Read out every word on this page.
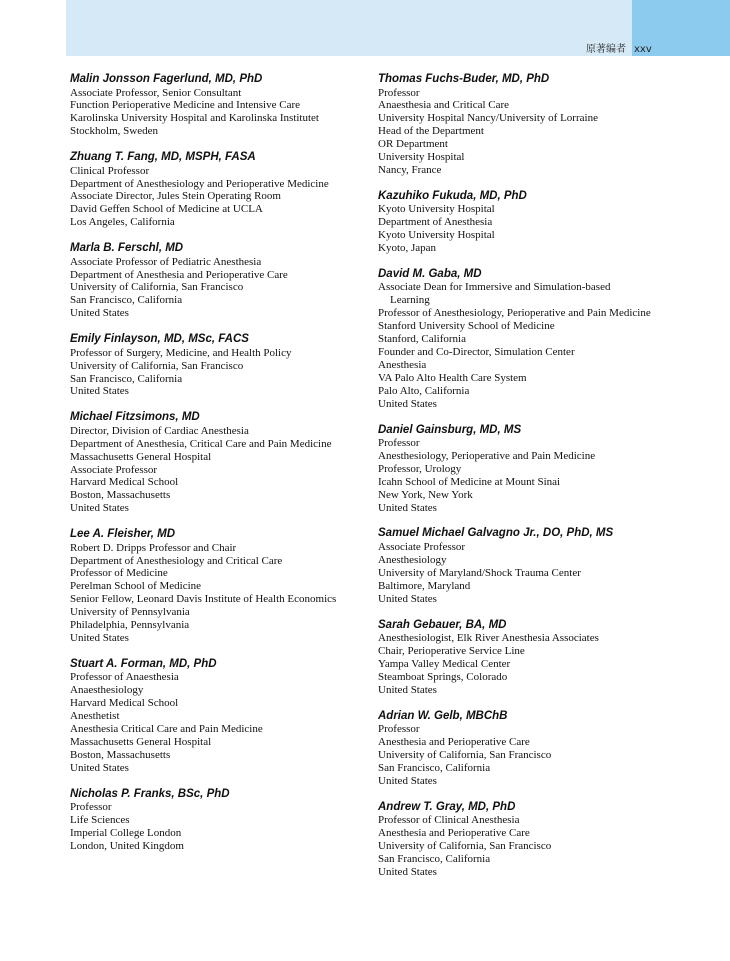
原著编者 xxv
Malin Jonsson Fagerlund, MD, PhD
Associate Professor, Senior Consultant
Function Perioperative Medicine and Intensive Care
Karolinska University Hospital and Karolinska Institutet
Stockholm, Sweden
Zhuang T. Fang, MD, MSPH, FASA
Clinical Professor
Department of Anesthesiology and Perioperative Medicine
Associate Director, Jules Stein Operating Room
David Geffen School of Medicine at UCLA
Los Angeles, California
Marla B. Ferschl, MD
Associate Professor of Pediatric Anesthesia
Department of Anesthesia and Perioperative Care
University of California, San Francisco
San Francisco, California
United States
Emily Finlayson, MD, MSc, FACS
Professor of Surgery, Medicine, and Health Policy
University of California, San Francisco
San Francisco, California
United States
Michael Fitzsimons, MD
Director, Division of Cardiac Anesthesia
Department of Anesthesia, Critical Care and Pain Medicine
Massachusetts General Hospital
Associate Professor
Harvard Medical School
Boston, Massachusetts
United States
Lee A. Fleisher, MD
Robert D. Dripps Professor and Chair
Department of Anesthesiology and Critical Care
Professor of Medicine
Perelman School of Medicine
Senior Fellow, Leonard Davis Institute of Health Economics
University of Pennsylvania
Philadelphia, Pennsylvania
United States
Stuart A. Forman, MD, PhD
Professor of Anaesthesia
Anaesthesiology
Harvard Medical School
Anesthetist
Anesthesia Critical Care and Pain Medicine
Massachusetts General Hospital
Boston, Massachusetts
United States
Nicholas P. Franks, BSc, PhD
Professor
Life Sciences
Imperial College London
London, United Kingdom
Thomas Fuchs-Buder, MD, PhD
Professor
Anaesthesia and Critical Care
University Hospital Nancy/University of Lorraine
Head of the Department
OR Department
University Hospital
Nancy, France
Kazuhiko Fukuda, MD, PhD
Kyoto University Hospital
Department of Anesthesia
Kyoto University Hospital
Kyoto, Japan
David M. Gaba, MD
Associate Dean for Immersive and Simulation-based
Learning
Professor of Anesthesiology, Perioperative and Pain Medicine
Stanford University School of Medicine
Stanford, California
Founder and Co-Director, Simulation Center
Anesthesia
VA Palo Alto Health Care System
Palo Alto, California
United States
Daniel Gainsburg, MD, MS
Professor
Anesthesiology, Perioperative and Pain Medicine
Professor, Urology
Icahn School of Medicine at Mount Sinai
New York, New York
United States
Samuel Michael Galvagno Jr., DO, PhD, MS
Associate Professor
Anesthesiology
University of Maryland/Shock Trauma Center
Baltimore, Maryland
United States
Sarah Gebauer, BA, MD
Anesthesiologist, Elk River Anesthesia Associates
Chair, Perioperative Service Line
Yampa Valley Medical Center
Steamboat Springs, Colorado
United States
Adrian W. Gelb, MBChB
Professor
Anesthesia and Perioperative Care
University of California, San Francisco
San Francisco, California
United States
Andrew T. Gray, MD, PhD
Professor of Clinical Anesthesia
Anesthesia and Perioperative Care
University of California, San Francisco
San Francisco, California
United States
